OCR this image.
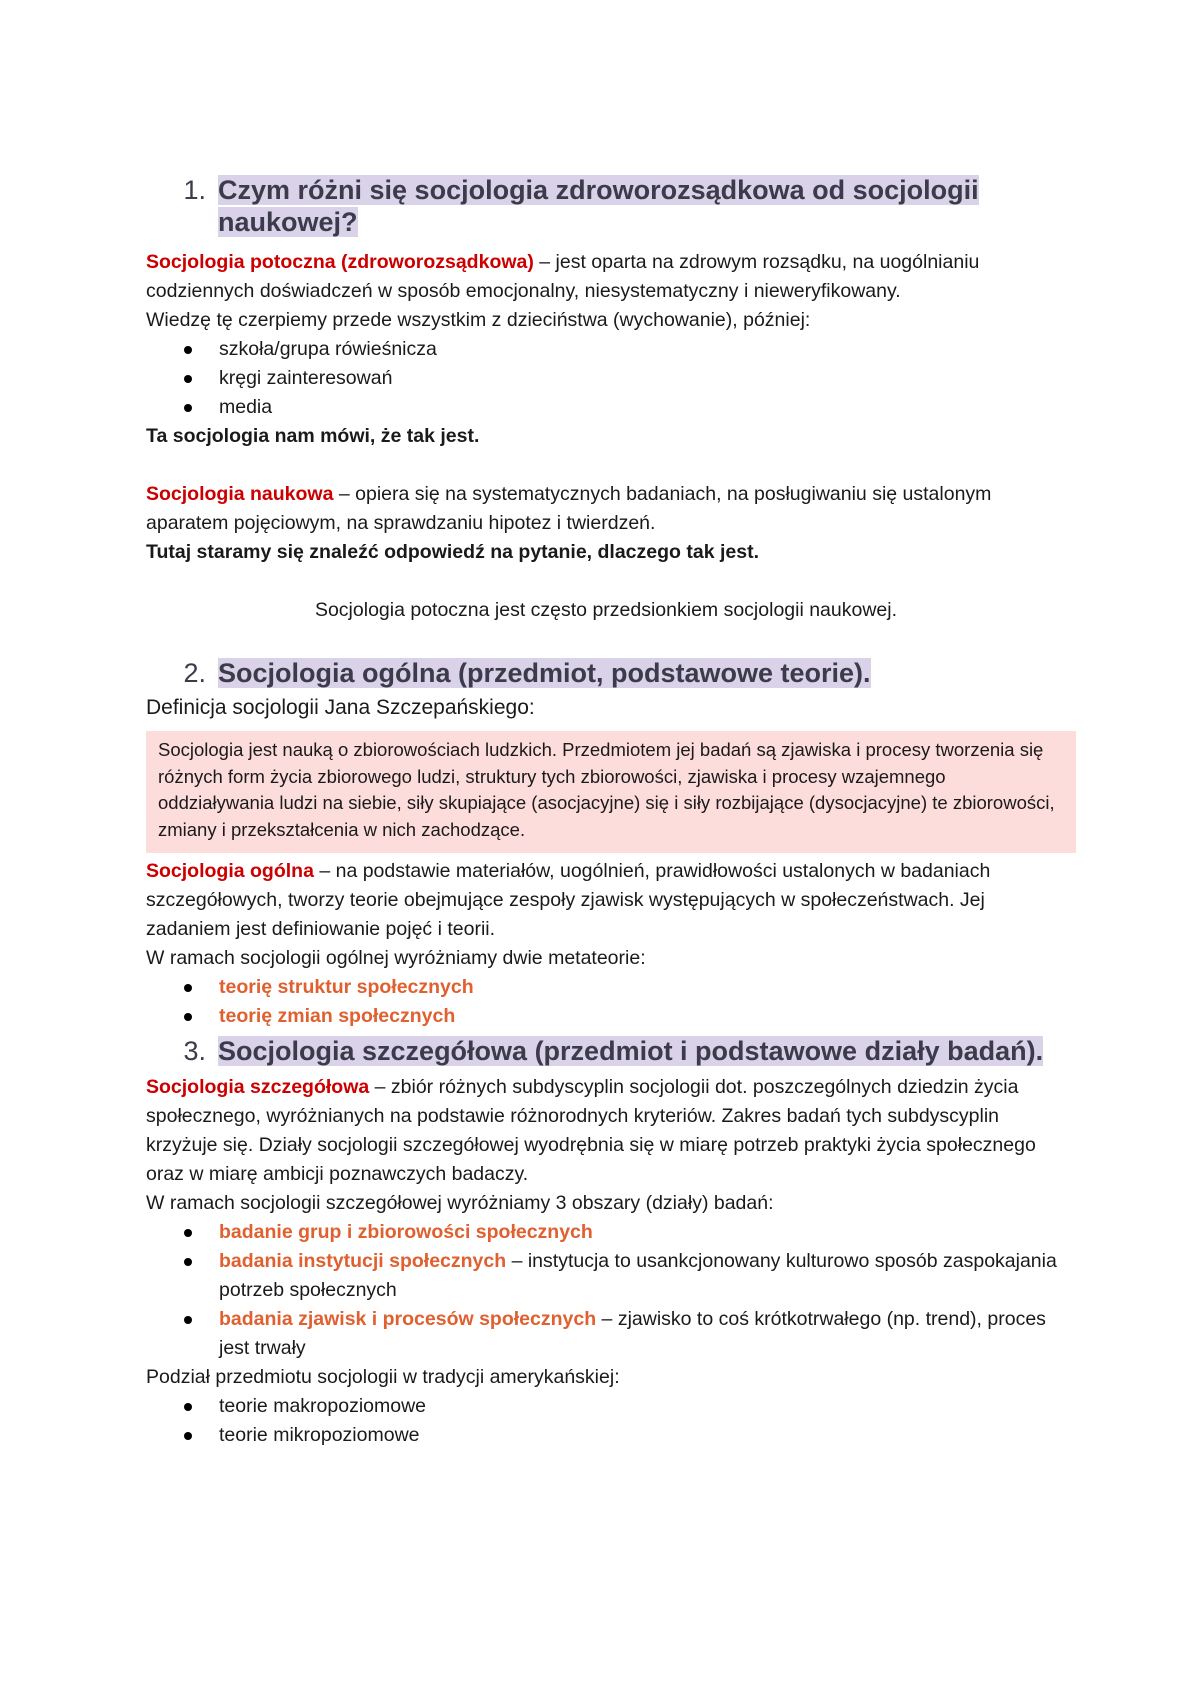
1. Czym różni się socjologia zdroworozsądkowa od socjologii naukowej?

Socjologia potoczna (zdroworozsądkowa) – jest oparta na zdrowym rozsądku, na uogólnianiu codziennych doświadczeń w sposób emocjonalny, niesystematyczny i nieweryfikowany.

Wiedzę tę czerpiemy przede wszystkim z dzieciństwa (wychowanie), później:

szkoła/grupa rówieśnicza
kręgi zainteresowań
media

Ta socjologia nam mówi, że tak jest.

Socjologia naukowa – opiera się na systematycznych badaniach, na posługiwaniu się ustalonym aparatem pojęciowym, na sprawdzaniu hipotez i twierdzeń.

Tutaj staramy się znaleźć odpowiedź na pytanie, dlaczego tak jest.

Socjologia potoczna jest często przedsionkiem socjologii naukowej.

2. Socjologia ogólna (przedmiot, podstawowe teorie).

Definicja socjologii Jana Szczepańskiego:

Socjologia jest nauką o zbiorowościach ludzkich. Przedmiotem jej badań są zjawiska i procesy tworzenia się różnych form życia zbiorowego ludzi, struktury tych zbiorowości, zjawiska i procesy wzajemnego oddziaływania ludzi na siebie, siły skupiające (asocjacyjne) się i siły rozbijające (dysocjacyjne) te zbiorowości, zmiany i przekształcenia w nich zachodzące.

Socjologia ogólna – na podstawie materiałów, uogólnień, prawidłowości ustalonych w badaniach szczegółowych, tworzy teorie obejmujące zespoły zjawisk występujących w społeczeństwach. Jej zadaniem jest definiowanie pojęć i teorii.

W ramach socjologii ogólnej wyróżniamy dwie metateorie:

teorię struktur społecznych
teorię zmian społecznych
3. Socjologia szczegółowa (przedmiot i podstawowe działy badań).

Socjologia szczegółowa – zbiór różnych subdyscyplin socjologii dot. poszczególnych dziedzin życia społecznego, wyróżnianych na podstawie różnorodnych kryteriów. Zakres badań tych subdyscyplin krzyżuje się. Działy socjologii szczegółowej wyodrębnia się w miarę potrzeb praktyki życia społecznego oraz w miarę ambicji poznawczych badaczy.

W ramach socjologii szczegółowej wyróżniamy 3 obszary (działy) badań:

badanie grup i zbiorowości społecznych
badania instytucji społecznych – instytucja to usankcjonowany kulturowo sposób zaspokajania potrzeb społecznych
badania zjawisk i procesów społecznych – zjawisko to coś krótkotrwałego (np. trend), proces jest trwały

Podział przedmiotu socjologii w tradycji amerykańskiej:

teorie makropoziomowe
teorie mikropoziomowe
